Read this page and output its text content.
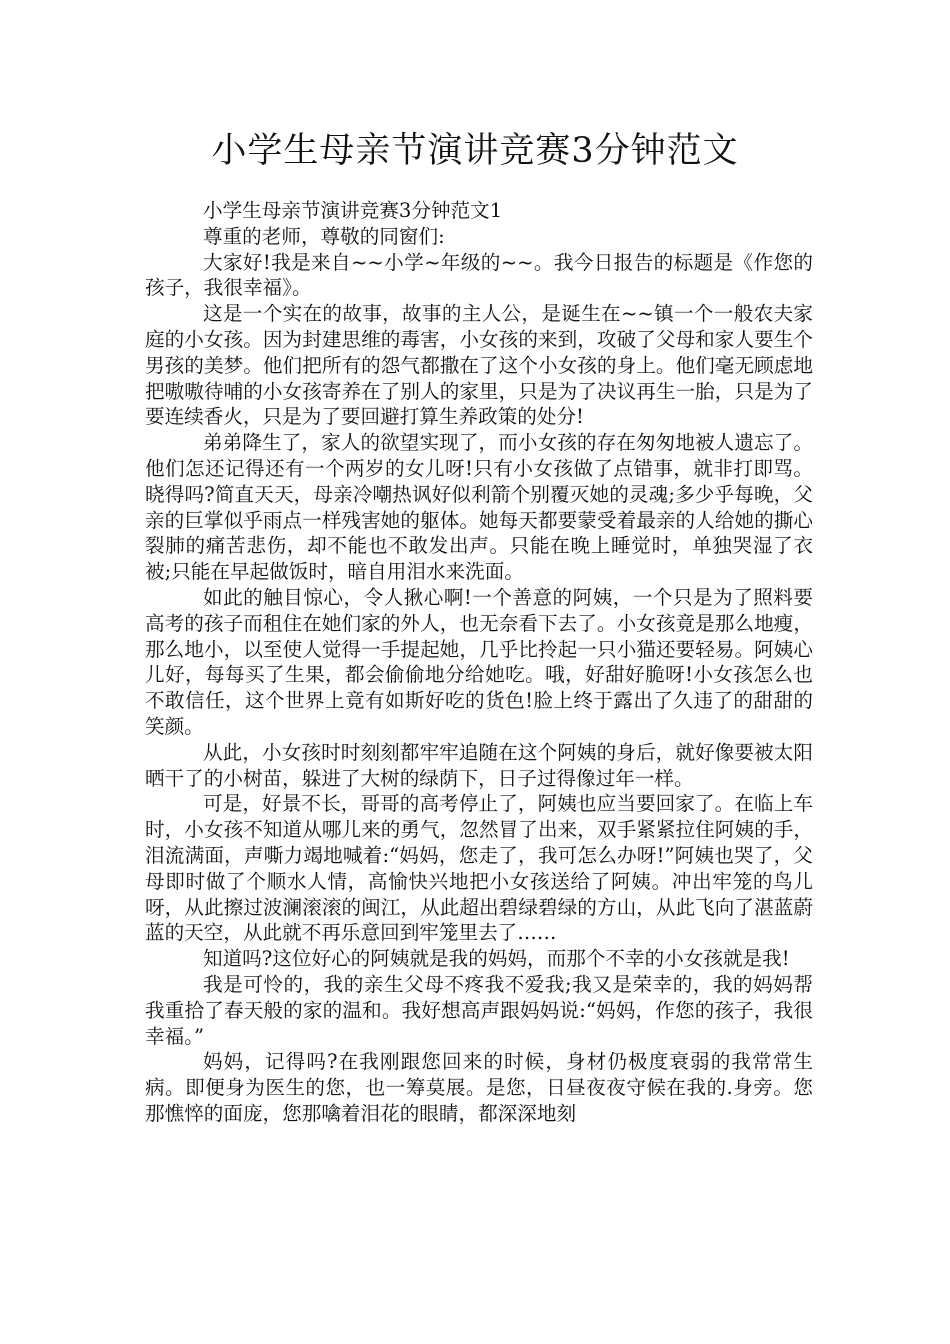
小学生母亲节演讲竞赛3分钟范文

小学生母亲节演讲竞赛3分钟范文1

尊重的老师，尊敬的同窗们:

大家好!我是来自~~小学~年级的~~。我今日报告的标题是《作您的孩子，我很幸福》。

这是一个实在的故事，故事的主人公，是诞生在~~镇一个一般农夫家庭的小女孩。因为封建思维的毒害，小女孩的来到，攻破了父母和家人要生个男孩的美梦。他们把所有的怨气都撒在了这个小女孩的身上。他们毫无顾虑地把嗷嗷待哺的小女孩寄养在了别人的家里，只是为了决议再生一胎，只是为了要连续香火，只是为了要回避打算生养政策的处分!

弟弟降生了，家人的欲望实现了，而小女孩的存在匆匆地被人遗忘了。他们怎还记得还有一个两岁的女儿呀!只有小女孩做了点错事，就非打即骂。晓得吗?简直天天，母亲冷嘲热讽好似利箭个别覆灭她的灵魂;多少乎每晚，父亲的巨掌似乎雨点一样残害她的躯体。她每天都要蒙受着最亲的人给她的撕心裂肺的痛苦悲伤，却不能也不敢发出声。只能在晚上睡觉时，单独哭湿了衣被;只能在早起做饭时，暗自用泪水来洗面。

如此的触目惊心，令人揪心啊!一个善意的阿姨，一个只是为了照料要高考的孩子而租住在她们家的外人，也无奈看下去了。小女孩竟是那么地瘦，那么地小，以至使人觉得一手提起她，几乎比拎起一只小猫还要轻易。阿姨心儿好，每每买了生果，都会偷偷地分给她吃。哦，好甜好脆呀!小女孩怎么也不敢信任，这个世界上竟有如斯好吃的货色!脸上终于露出了久违了的甜甜的笑颜。

从此，小女孩时时刻刻都牢牢追随在这个阿姨的身后，就好像要被太阳晒干了的小树苗，躲进了大树的绿荫下，日子过得像过年一样。

可是，好景不长，哥哥的高考停止了，阿姨也应当要回家了。在临上车时，小女孩不知道从哪儿来的勇气，忽然冒了出来，双手紧紧拉住阿姨的手，泪流满面，声嘶力竭地喊着:“妈妈，您走了，我可怎么办呀!”阿姨也哭了，父母即时做了个顺水人情，高愉快兴地把小女孩送给了阿姨。冲出牢笼的鸟儿呀，从此擦过波澜滚滚的闽江，从此超出碧绿碧绿的方山，从此飞向了湛蓝蔚蓝的天空，从此就不再乐意回到牢笼里去了……

知道吗?这位好心的阿姨就是我的妈妈，而那个不幸的小女孩就是我!

我是可怜的，我的亲生父母不疼我不爱我;我又是荣幸的，我的妈妈帮我重拾了春天般的家的温和。我好想高声跟妈妈说:“妈妈，作您的孩子，我很幸福。”

妈妈，记得吗?在我刚跟您回来的时候，身材仍极度衰弱的我常常生病。即便身为医生的您，也一筹莫展。是您，日昼夜夜守候在我的.身旁。您那憔悴的面庞，您那噙着泪花的眼睛，都深深地刻
